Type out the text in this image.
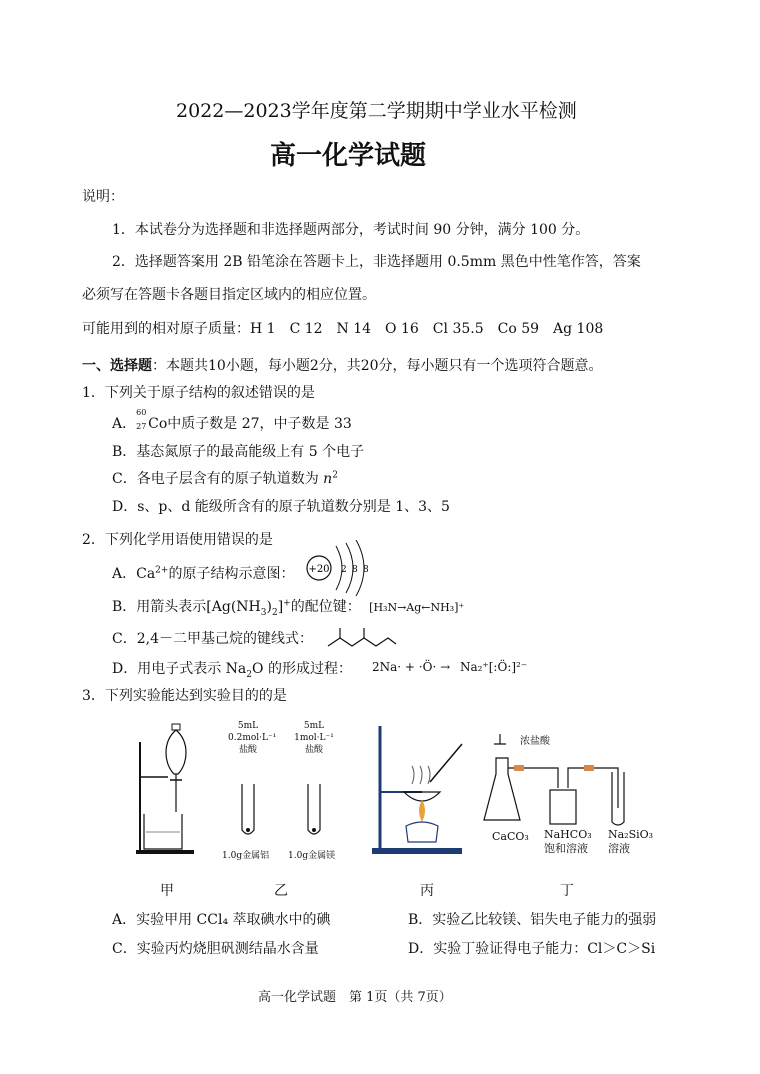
2022—2023学年度第二学期期中学业水平检测
高一化学试题
说明：
1．本试卷分为选择题和非选择题两部分，考试时间 90 分钟，满分 100 分。
2．选择题答案用 2B 铅笔涂在答题卡上，非选择题用 0.5mm 黑色中性笔作答，答案
必须写在答题卡各题目指定区域内的相应位置。
可能用到的相对原子质量：H 1　C 12　N 14　O 16　Cl 35.5　Co 59　Ag 108
一、选择题：本题共10小题，每小题2分，共20分，每小题只有一个选项符合题意。
1．下列关于原子结构的叙述错误的是
A．
60
27 Co中质子数是 27，中子数是 33
B．基态氮原子的最高能级上有 5 个电子
C．各电子层含有的原子轨道数为 $n^2$
D．s、p、d 能级所含有的原子轨道数分别是 1、3、5
2．下列化学用语使用错误的是
A．$Ca^{2+}$的原子结构示意图： +20 2 8 8
B．用箭头表示$[Ag(NH_3)_2]^+$的配位键： [H₃N→Ag←NH₃]⁺
C．2,4－二甲基己烷的键线式：
D．用电子式表示 $Na_2O$ 的形成过程： 2Na· + ·Ö· → Na₂⁺[:Ö:]²⁻
3．下列实验能达到实验目的的是
5mL
0.2mol·L⁻¹
盐酸
5mL
1mol·L⁻¹
盐酸
1.0g金属铝 1.0g金属镁
浓盐酸
CaCO₃ NaHCO₃
饱和溶液
Na₂SiO₃
溶液
甲	乙	丙	丁
A．实验甲用 CCl₄ 萃取碘水中的碘	B．实验乙比较镁、铝失电子能力的强弱
C．实验丙灼烧胆矾测结晶水含量	D．实验丁验证得电子能力：Cl＞C＞Si
高一化学试题　第 1页（共 7页）
